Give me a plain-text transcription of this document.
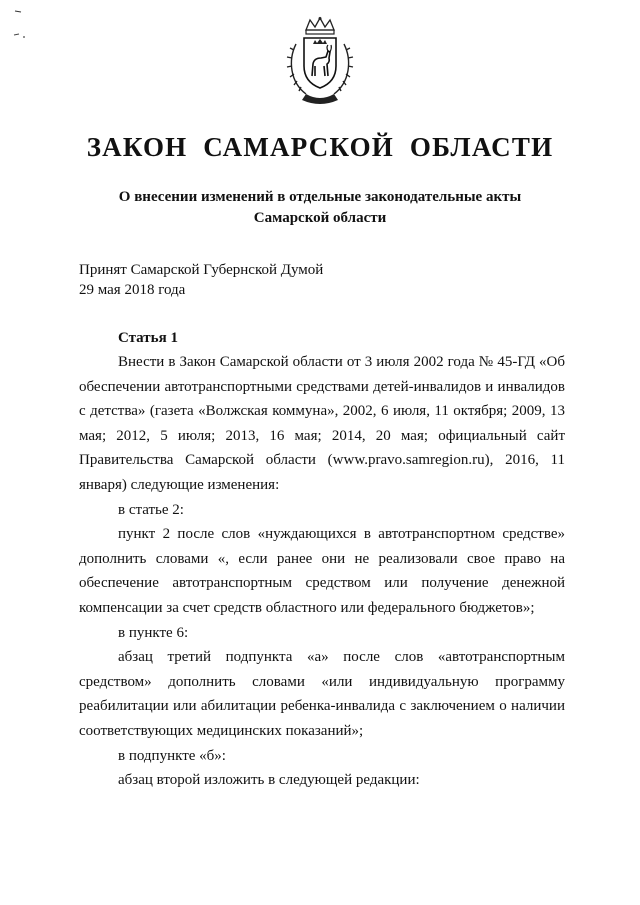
ЗАКОН САМАРСКОЙ ОБЛАСТИ
О внесении изменений в отдельные законодательные акты
Самарской области
Принят Самарской Губернской Думой
29 мая 2018 года
Статья 1

Внести в Закон Самарской области от 3 июля 2002 года № 45-ГД «Об обеспечении автотранспортными средствами детей-инвалидов и инвалидов с детства» (газета «Волжская коммуна», 2002, 6 июля, 11 октября; 2009, 13 мая; 2012, 5 июля; 2013, 16 мая; 2014, 20 мая; официальный сайт Правительства Самарской области (www.pravo.samregion.ru), 2016, 11 января) следующие изменения:

в статье 2:

пункт 2 после слов «нуждающихся в автотранспортном средстве» дополнить словами «, если ранее они не реализовали свое право на обеспечение автотранспортным средством или получение денежной компенсации за счет средств областного или федерального бюджетов»;

в пункте 6:

абзац третий подпункта «а» после слов «автотранспортным средством» дополнить словами «или индивидуальную программу реабилитации или абилитации ребенка-инвалида с заключением о наличии соответствующих медицинских показаний»;

в подпункте «б»:

абзац второй изложить в следующей редакции:
